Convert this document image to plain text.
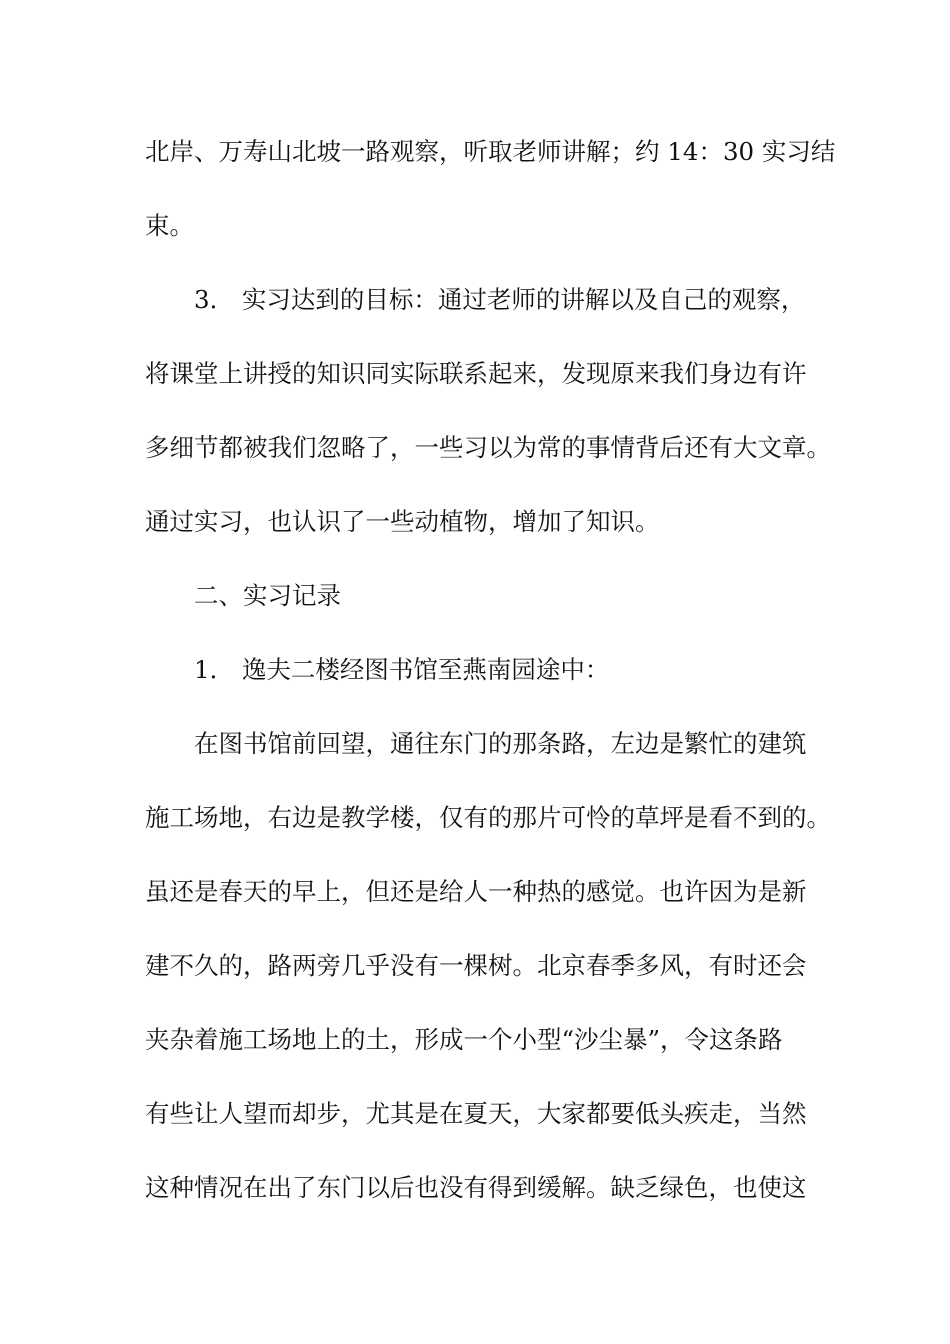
北岸、万寿山北坡一路观察，听取老师讲解；约 14：30 实习结
束。
3． 实习达到的目标：通过老师的讲解以及自己的观察，
将课堂上讲授的知识同实际联系起来，发现原来我们身边有许
多细节都被我们忽略了，一些习以为常的事情背后还有大文章。
通过实习，也认识了一些动植物，增加了知识。
二、实习记录
1． 逸夫二楼经图书馆至燕南园途中：
在图书馆前回望，通往东门的那条路，左边是繁忙的建筑
施工场地，右边是教学楼，仅有的那片可怜的草坪是看不到的。
虽还是春天的早上，但还是给人一种热的感觉。也许因为是新
建不久的，路两旁几乎没有一棵树。北京春季多风，有时还会
夹杂着施工场地上的土，形成一个小型“沙尘暴”，令这条路
有些让人望而却步，尤其是在夏天，大家都要低头疾走，当然
这种情况在出了东门以后也没有得到缓解。缺乏绿色，也使这
